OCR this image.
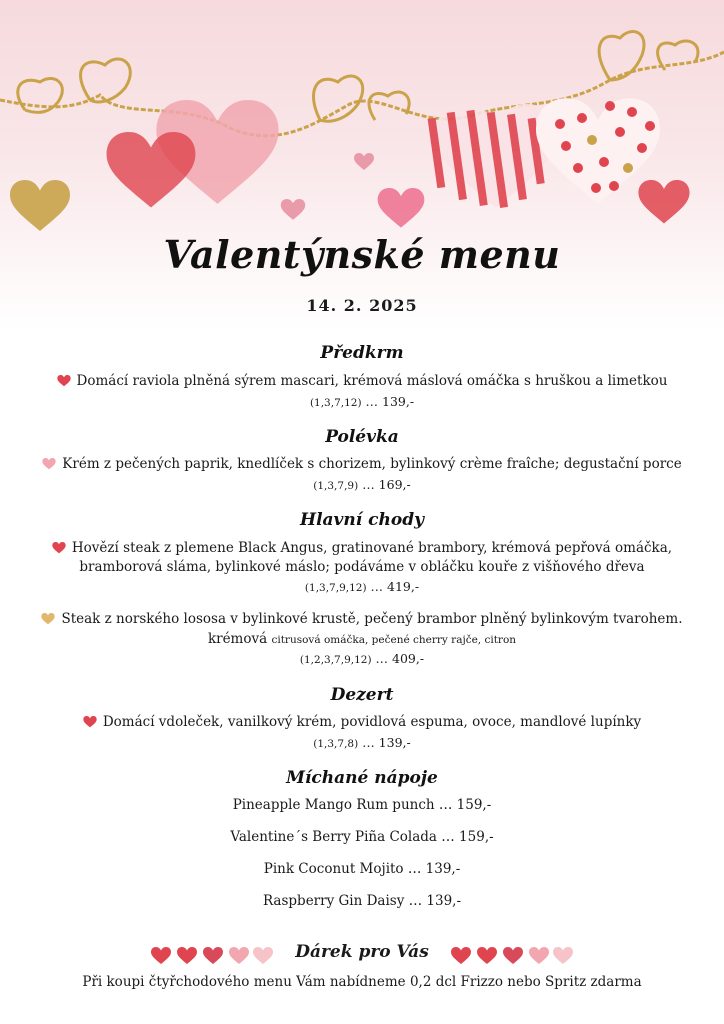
Valentýnské menu
14. 2. 2025
Předkrm
Domácí raviola plněná sýrem mascari, krémová máslová omáčka s hruškou a limetkou
(1,3,7,12) … 139,-
Polévka
Krém z pečených paprik, knedlíček s chorizem, bylinkový crème fraîche; degustační porce
(1,3,7,9) … 169,-
Hlavní chody
Hovězí steak z plemene Black Angus, gratinované brambory, krémová pepřová omáčka,
bramborová sláma, bylinkové máslo; podáváme v obláčku kouře z višňového dřeva
(1,3,7,9,12) … 419,-
Steak z norského lososa v bylinkové krustě, pečený brambor plněný bylinkovým tvarohem.
krémová citrusová omáčka, pečené cherry rajče, citron
(1,2,3,7,9,12) … 409,-
Dezert
Domácí vdoleček, vanilkový krém, povidlová espuma, ovoce, mandlové lupínky
(1,3,7,8) … 139,-
Míchané nápoje
Pineapple Mango Rum punch … 159,-
Valentine´s Berry Piña Colada … 159,-
Pink Coconut Mojito … 139,-
Raspberry Gin Daisy … 139,-
Dárek pro Vás
Při koupi čtyřchodového menu Vám nabídneme 0,2 dcl Frizzo nebo Spritz zdarma
